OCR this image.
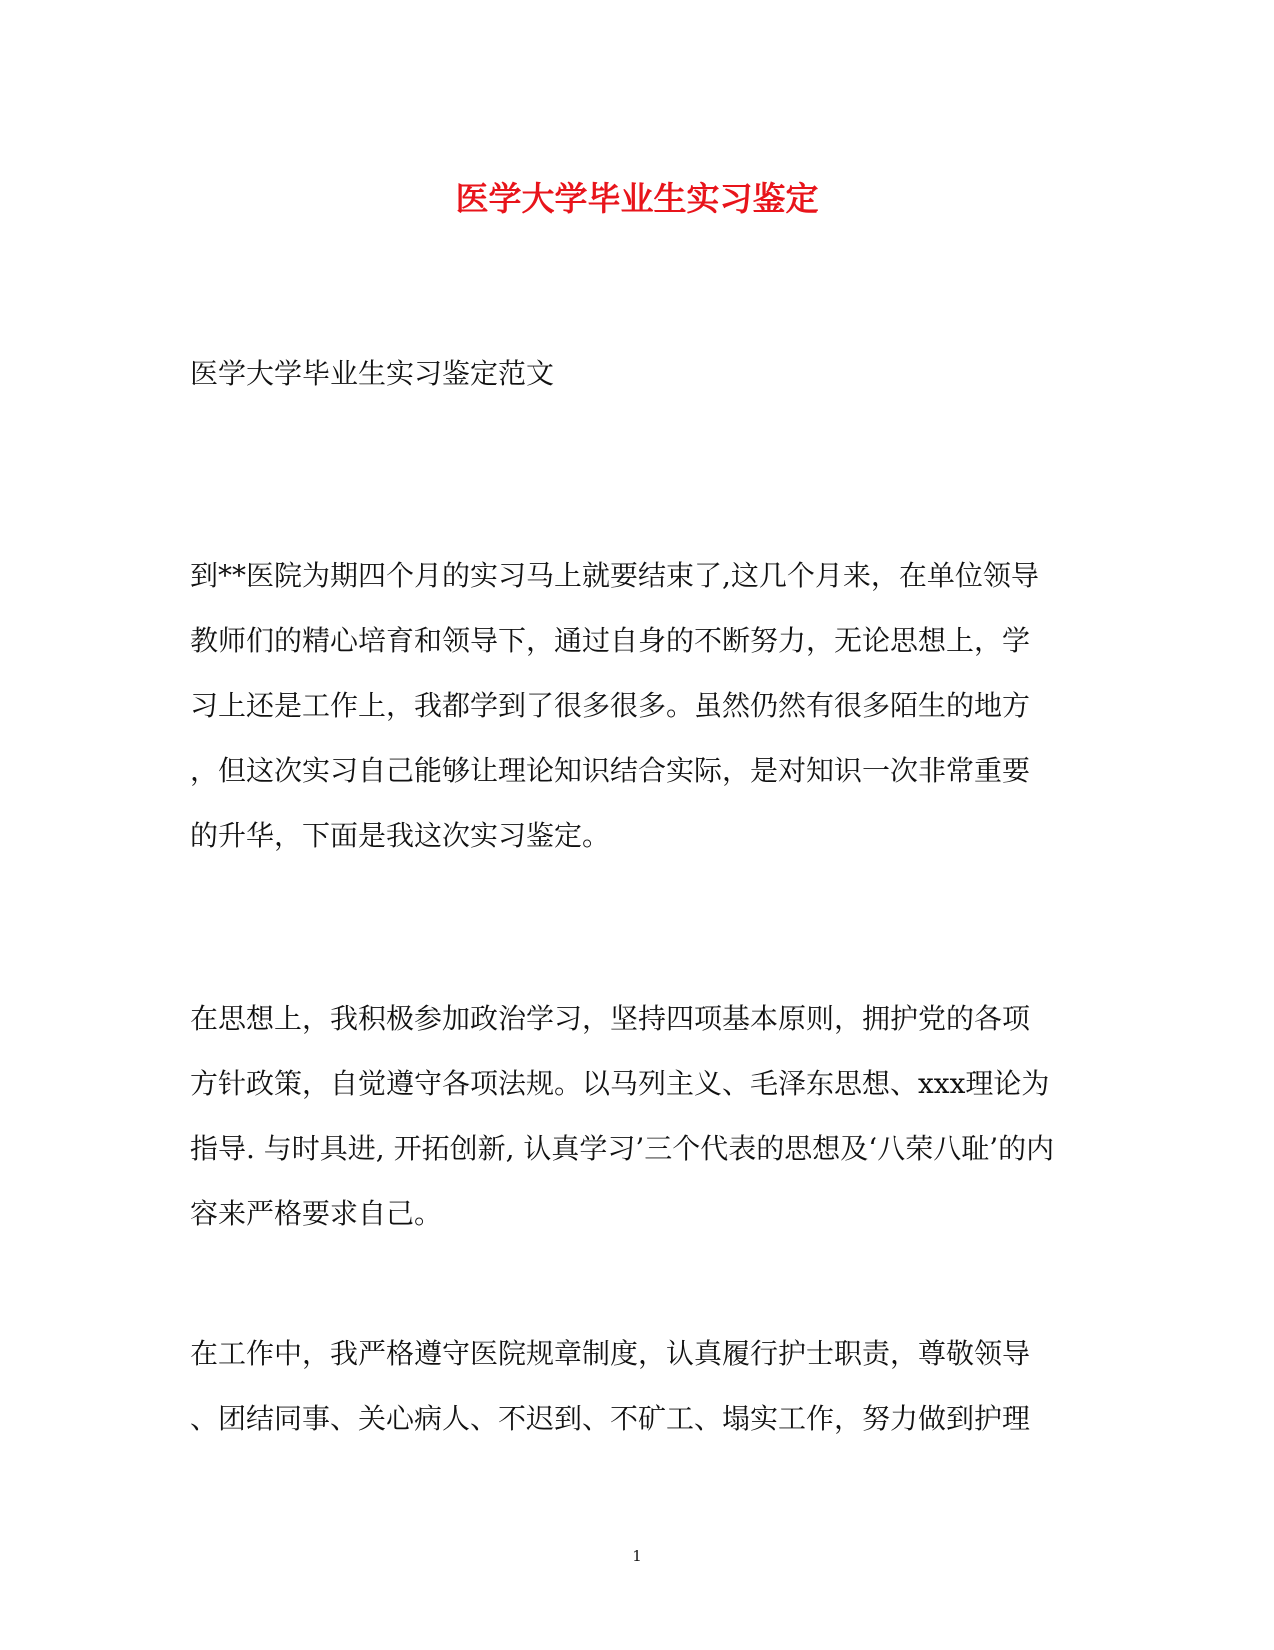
医学大学毕业生实习鉴定

医学大学毕业生实习鉴定范文

到**医院为期四个月的实习马上就要结束了,这几个月来，在单位领导
教师们的精心培育和领导下，通过自身的不断努力，无论思想上，学
习上还是工作上，我都学到了很多很多。虽然仍然有很多陌生的地方
，但这次实习自己能够让理论知识结合实际，是对知识一次非常重要
的升华，下面是我这次实习鉴定。
在思想上，我积极参加政治学习，坚持四项基本原则，拥护党的各项
方针政策，自觉遵守各项法规。以马列主义、毛泽东思想、xxx理论为
指导. 与时具进, 开拓创新, 认真学习’三个代表的思想及‘八荣八耻’的内
容来严格要求自己。
在工作中，我严格遵守医院规章制度，认真履行护士职责，尊敬领导
、团结同事、关心病人、不迟到、不矿工、塌实工作，努力做到护理

1
